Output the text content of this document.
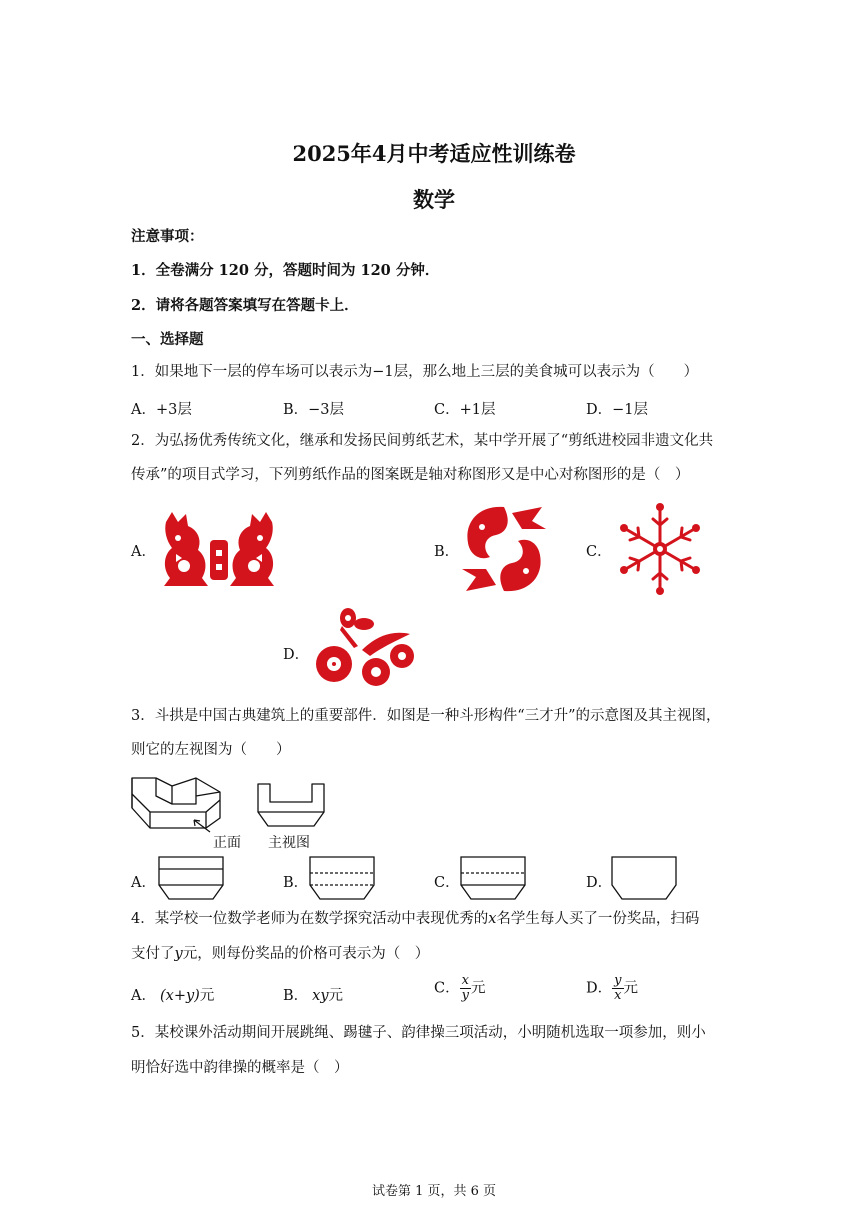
2025年4月中考适应性训练卷
数学
注意事项：
1．全卷满分 120 分，答题时间为 120 分钟．
2．请将各题答案填写在答题卡上．
一、选择题
1．如果地下一层的停车场可以表示为−1层，那么地上三层的美食城可以表示为（　　）
A．+3层	B．−3层	C．+1层	D．−1层
2．为弘扬优秀传统文化，继承和发扬民间剪纸艺术，某中学开展了“剪纸进校园非遗文化共
传承”的项目式学习，下列剪纸作品的图案既是轴对称图形又是中心对称图形的是（　）
A．	B．	C．
D．
3．斗拱是中国古典建筑上的重要部件．如图是一种斗形构件“三才升”的示意图及其主视图，
则它的左视图为（　　）
正面 主视图
A．	B．	C．	D．
4．某学校一位数学老师为在数学探究活动中表现优秀的x名学生每人买了一份奖品，扫码
支付了y元，则每份奖品的价格可表示为（　）
A． (x+y)元	B． xy元	C． $\frac{x}{y}$ 元	D． $\frac{y}{x}$ 元
5．某校课外活动期间开展跳绳、踢毽子、韵律操三项活动，小明随机选取一项参加，则小
明恰好选中韵律操的概率是（　）
试卷第 1 页，共 6 页
